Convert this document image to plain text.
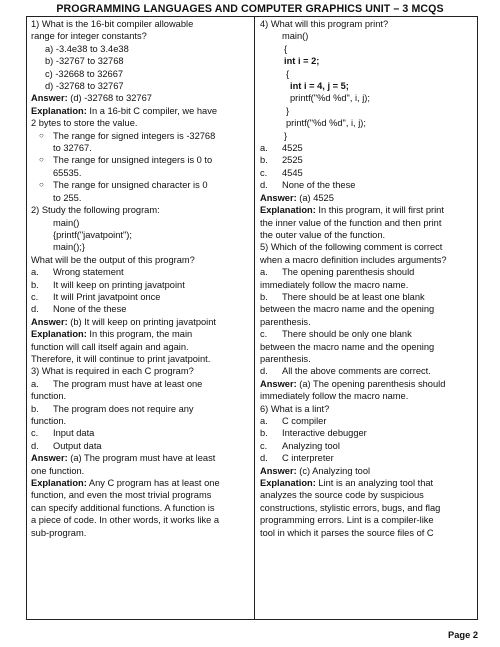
PROGRAMMING LANGUAGES AND COMPUTER GRAPHICS UNIT – 3 MCQS

1) What is the 16-bit compiler allowable

range for integer constants?

a) -3.4e38 to 3.4e38

b) -32767 to 32768

c) -32668 to 32667

d) -32768 to 32767

Answer: (d) -32768 to 32767

Explanation: In a 16-bit C compiler, we have

2 bytes to store the value.

○ The range for signed integers is -32768

to 32767.

○ The range for unsigned integers is 0 to

65535.

○ The range for unsigned character is 0

to 255.

2) Study the following program:

main()

{printf("javatpoint");

main();}

What will be the output of this program?

a.	Wrong statement
b.	It will keep on printing javatpoint
c.	It will Print javatpoint once
d.	None of the these

Answer: (b) It will keep on printing javatpoint

Explanation: In this program, the main

function will call itself again and again.

Therefore, it will continue to print javatpoint.

3) What is required in each C program?

a.	The program must have at least one

function.

b.	The program does not require any

function.

c.	Input data
d.	Output data

Answer: (a) The program must have at least

one function.

Explanation: Any C program has at least one

function, and even the most trivial programs

can specify additional functions. A function is

a piece of code. In other words, it works like a

sub-program.

4) What will this program print?

main()

{

int i = 2;

{

int i = 4, j = 5;

printf("%d %d", i, j);

}

printf("%d %d", i, j);

}

a.	4525
b.	2525
c.	4545
d.	None of the these

Answer: (a) 4525

Explanation: In this program, it will first print

the inner value of the function and then print

the outer value of the function.

5) Which of the following comment is correct

when a macro definition includes arguments?

a.	The opening parenthesis should

immediately follow the macro name.

b.	There should be at least one blank

between the macro name and the opening

parenthesis.

c.	There should be only one blank

between the macro name and the opening

parenthesis.

d.	All the above comments are correct.

Answer: (a) The opening parenthesis should

immediately follow the macro name.

6) What is a lint?

a.	C compiler
b.	Interactive debugger
c.	Analyzing tool
d.	C interpreter

Answer: (c) Analyzing tool

Explanation: Lint is an analyzing tool that

analyzes the source code by suspicious

constructions, stylistic errors, bugs, and flag

programming errors. Lint is a compiler-like

tool in which it parses the source files of C

Page 2
